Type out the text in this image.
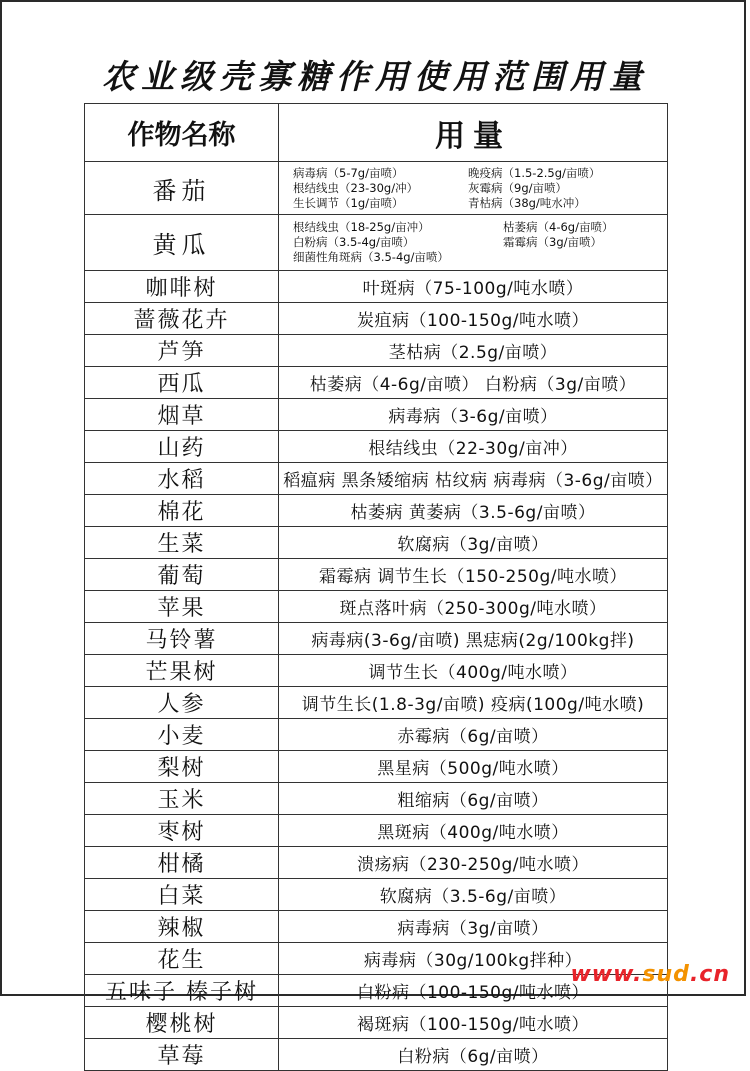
农业级壳寡糖作用使用范围用量
作物名称	用量
番茄	病毒病（5-7g/亩喷） 晚疫病（1.5-2.5g/亩喷）
根结线虫（23-30g/冲） 灰霉病（9g/亩喷）
生长调节（1g/亩喷） 青枯病（38g/吨水冲）

黄瓜	根结线虫（18-25g/亩冲） 枯萎病（4-6g/亩喷）
白粉病（3.5-4g/亩喷） 霜霉病（3g/亩喷）
细菌性角斑病（3.5-4g/亩喷）

咖啡树	叶斑病（75-100g/吨水喷）
蔷薇花卉	炭疽病（100-150g/吨水喷）
芦笋	茎枯病（2.5g/亩喷）
西瓜	枯萎病（4-6g/亩喷） 白粉病（3g/亩喷）
烟草	病毒病（3-6g/亩喷）
山药	根结线虫（22-30g/亩冲）
水稻	稻瘟病 黑条矮缩病 枯纹病 病毒病（3-6g/亩喷）
棉花	枯萎病 黄萎病（3.5-6g/亩喷）
生菜	软腐病（3g/亩喷）
葡萄	霜霉病 调节生长（150-250g/吨水喷）
苹果	斑点落叶病（250-300g/吨水喷）
马铃薯	病毒病(3-6g/亩喷) 黑痣病(2g/100kg拌)
芒果树	调节生长（400g/吨水喷）
人参	调节生长(1.8-3g/亩喷) 疫病(100g/吨水喷)
小麦	赤霉病（6g/亩喷）
梨树	黑星病（500g/吨水喷）
玉米	粗缩病（6g/亩喷）
枣树	黑斑病（400g/吨水喷）
柑橘	溃疡病（230-250g/吨水喷）
白菜	软腐病（3.5-6g/亩喷）
辣椒	病毒病（3g/亩喷）
花生	病毒病（30g/100kg拌种）
五味子 榛子树	白粉病（100-150g/吨水喷）
樱桃树	褐斑病（100-150g/吨水喷）
草莓	白粉病（6g/亩喷）
www.sud.cn
